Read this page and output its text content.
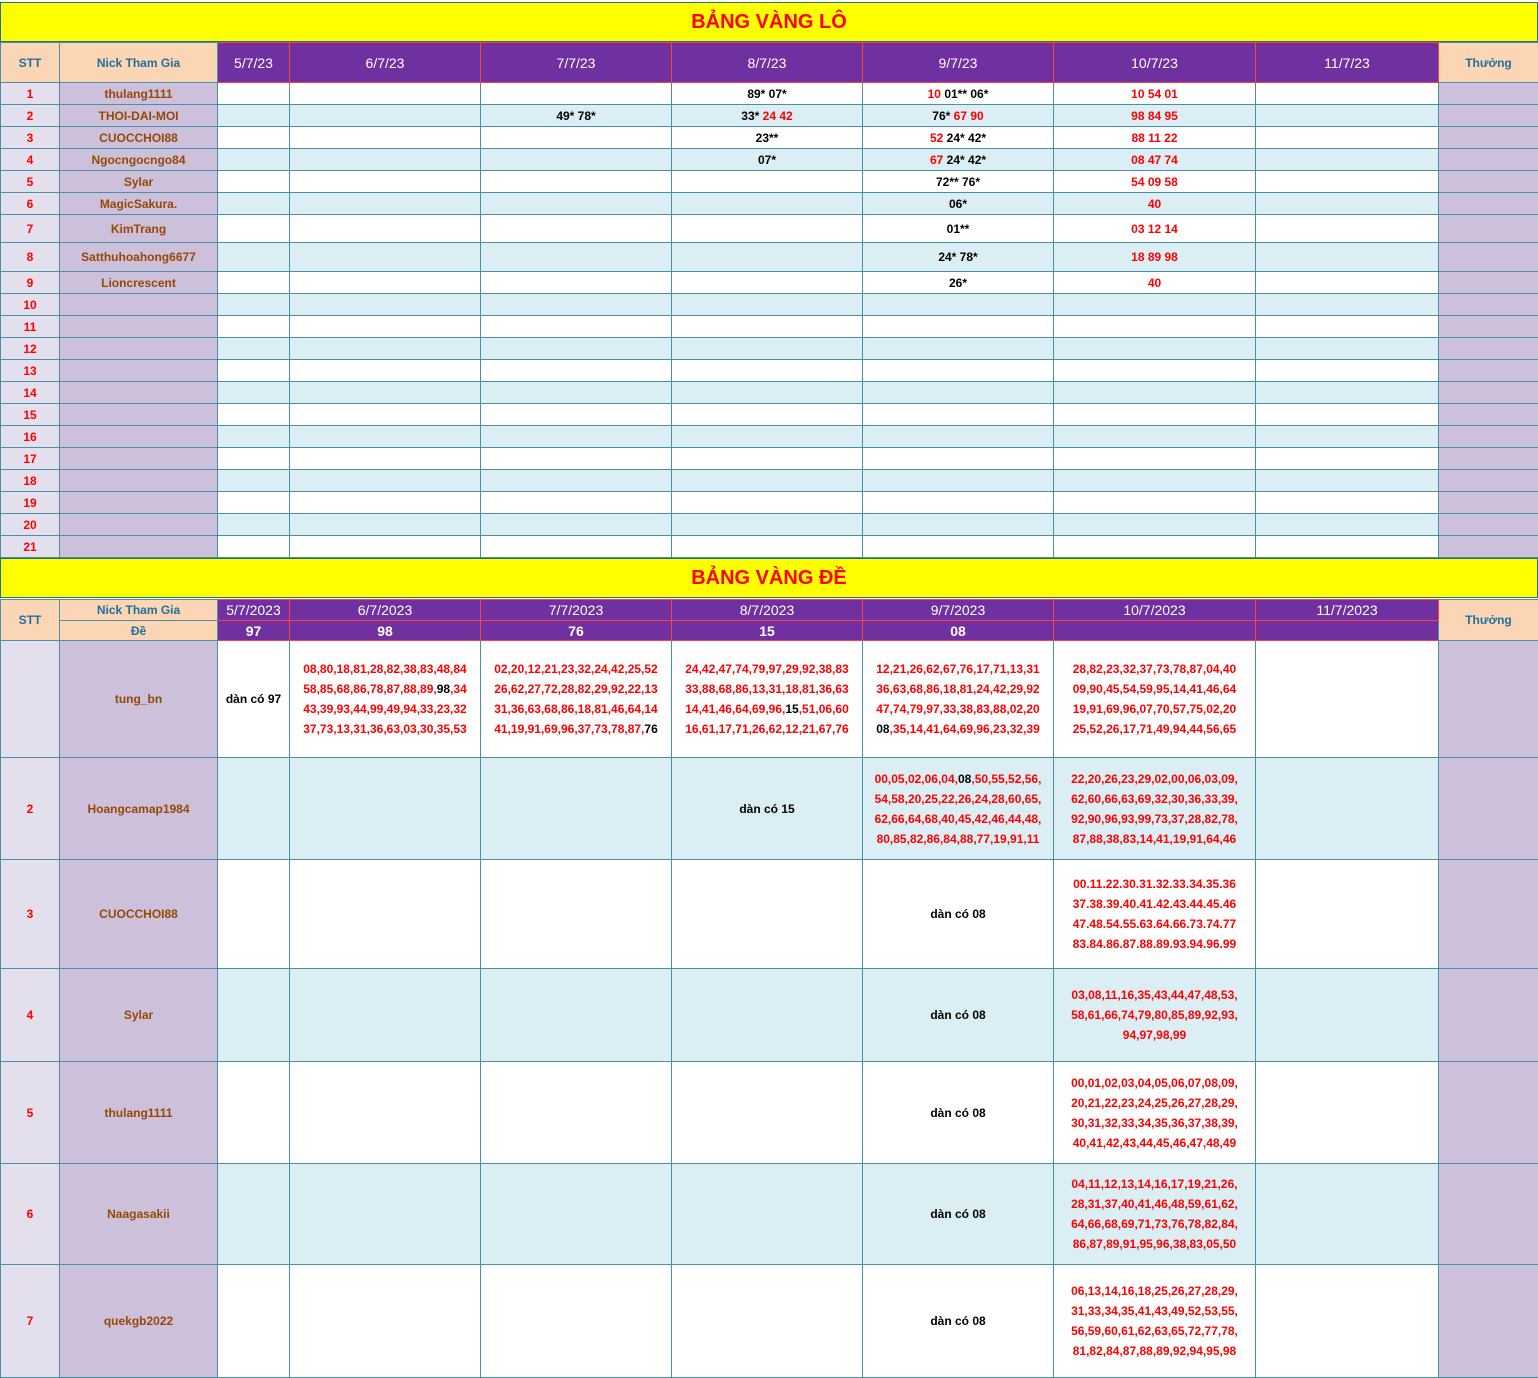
BẢNG VÀNG LÔ
STT	Nick Tham Gia	5/7/23	6/7/23	7/7/23	8/7/23	9/7/23	10/7/23	11/7/23	Thưởng
1	thulang1111				89* 07*	10 01** 06*	10 54 01		

2	THOI-DAI-MOI			49* 78*	33* 24 42	76* 67 90	98 84 95		

3	CUOCCHOI88				23**	52 24* 42*	88 11 22		

4	Ngocngocngo84				07*	67 24* 42*	08 47 74		

5	Sylar					72** 76*	54 09 58		

6	MagicSakura.					06*	40		

7	KimTrang					01**	03 12 14		

8	Satthuhoahong6677					24* 78*	18 89 98		

9	Lioncrescent					26*	40		

10		

11		

12		

13		

14		

15		

16		

17		

18		

19		

20		

21		

BẢNG VÀNG ĐỀ
STT	Nick Tham Gia	5/7/2023	6/7/2023	7/7/2023	8/7/2023	9/7/2023	10/7/2023	11/7/2023	Thưởng
	Đề	97	98	76	15	08			
	tung_bn	dàn có 97	08,80,18,81,28,82,38,83,48,84 58,85,68,86,78,87,88,89,98,34 43,39,93,44,99,49,94,33,23,32 37,73,13,31,36,63,03,30,35,53	02,20,12,21,23,32,24,42,25,52 26,62,27,72,28,82,29,92,22,13 31,36,63,68,86,18,81,46,64,14 41,19,91,69,96,37,73,78,87,76	24,42,47,74,79,97,29,92,38,83 33,88,68,86,13,31,18,81,36,63 14,41,46,64,69,96,15,51,06,60 16,61,17,71,26,62,12,21,67,76	12,21,26,62,67,76,17,71,13,31 36,63,68,86,18,81,24,42,29,92 47,74,79,97,33,38,83,88,02,20 08,35,14,41,64,69,96,23,32,39	28,82,23,32,37,73,78,87,04,40 09,90,45,54,59,95,14,41,46,64 19,91,69,96,07,70,57,75,02,20 25,52,26,17,71,49,94,44,56,65		

2	Hoangcamap1984				dàn có 15	00,05,02,06,04,08,50,55,52,56, 54,58,20,25,22,26,24,28,60,65, 62,66,64,68,40,45,42,46,44,48, 80,85,82,86,84,88,77,19,91,11	22,20,26,23,29,02,00,06,03,09, 62,60,66,63,69,32,30,36,33,39, 92,90,96,93,99,73,37,28,82,78, 87,88,38,83,14,41,19,91,64,46		

3	CUOCCHOI88					dàn có 08	00.11.22.30.31.32.33.34.35.36 37.38.39.40.41.42.43.44.45.46 47.48.54.55.63.64.66.73.74.77 83.84.86.87.88.89.93.94.96.99		

4	Sylar					dàn có 08	03,08,11,16,35,43,44,47,48,53, 58,61,66,74,79,80,85,89,92,93, 94,97,98,99		

5	thulang1111					dàn có 08	00,01,02,03,04,05,06,07,08,09, 20,21,22,23,24,25,26,27,28,29, 30,31,32,33,34,35,36,37,38,39, 40,41,42,43,44,45,46,47,48,49		

6	Naagasakii					dàn có 08	04,11,12,13,14,16,17,19,21,26, 28,31,37,40,41,46,48,59,61,62, 64,66,68,69,71,73,76,78,82,84, 86,87,89,91,95,96,38,83,05,50		

7	quekgb2022					dàn có 08	06,13,14,16,18,25,26,27,28,29, 31,33,34,35,41,43,49,52,53,55, 56,59,60,61,62,63,65,72,77,78, 81,82,84,87,88,89,92,94,95,98		
